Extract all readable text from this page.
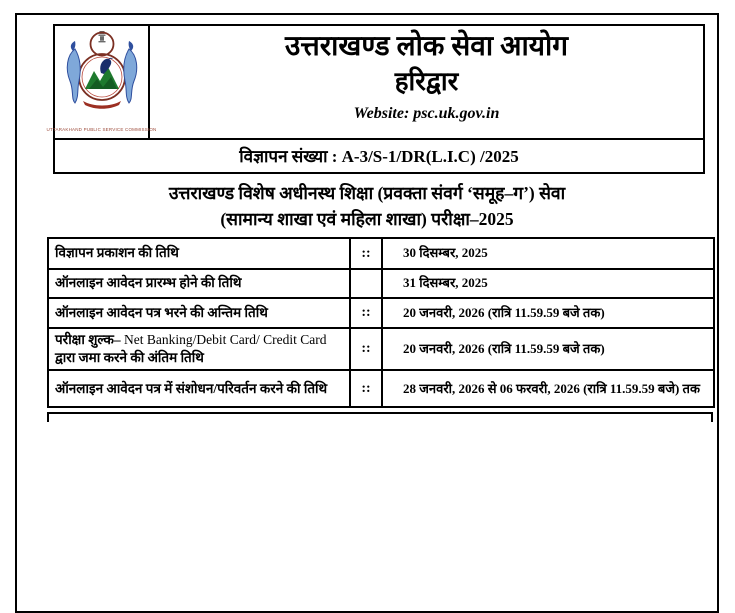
UTTARAKHAND PUBLIC SERVICE COMMISSION
उत्तराखण्ड लोक सेवा आयोग
हरिद्वार
Website: psc.uk.gov.in
विज्ञापन संख्या : A-3/S-1/DR(L.I.C) /2025
उत्तराखण्ड विशेष अधीनस्थ शिक्षा (प्रवक्ता संवर्ग ‘समूह–ग’) सेवा
(सामान्य शाखा एवं महिला शाखा) परीक्षा–2025
विज्ञापन प्रकाशन की तिथि	::	30 दिसम्बर, 2025
ऑनलाइन आवेदन प्रारम्भ होने की तिथि		31 दिसम्बर, 2025
ऑनलाइन आवेदन पत्र भरने की अन्तिम तिथि	::	20 जनवरी, 2026 (रात्रि 11.59.59 बजे तक)
परीक्षा शुल्क– Net Banking/Debit Card/ Credit Card द्वारा जमा करने की अंतिम तिथि	::	20 जनवरी, 2026 (रात्रि 11.59.59 बजे तक)
ऑनलाइन आवेदन पत्र में संशोधन/परिवर्तन करने की तिथि	::	28 जनवरी, 2026 से 06 फरवरी, 2026 (रात्रि 11.59.59 बजे) तक
